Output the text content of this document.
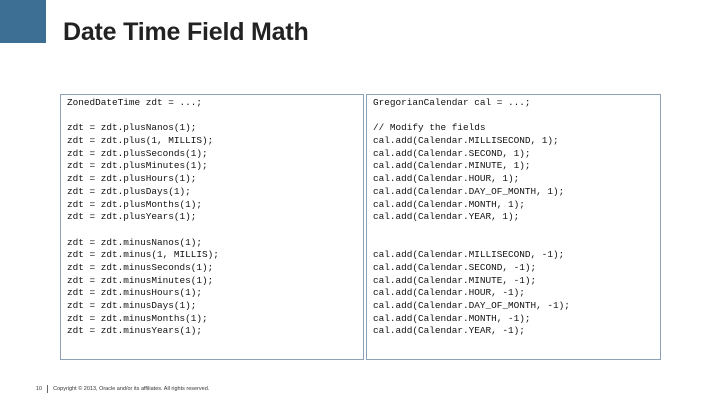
Date Time Field Math
ZonedDateTime zdt = ...;
zdt = zdt.plusNanos(1);
zdt = zdt.plus(1, MILLIS);
zdt = zdt.plusSeconds(1);
zdt = zdt.plusMinutes(1);
zdt = zdt.plusHours(1);
zdt = zdt.plusDays(1);
zdt = zdt.plusMonths(1);
zdt = zdt.plusYears(1);
zdt = zdt.minusNanos(1);
zdt = zdt.minus(1, MILLIS);
zdt = zdt.minusSeconds(1);
zdt = zdt.minusMinutes(1);
zdt = zdt.minusHours(1);
zdt = zdt.minusDays(1);
zdt = zdt.minusMonths(1);
zdt = zdt.minusYears(1);
GregorianCalendar cal = ...;
// Modify the fields
cal.add(Calendar.MILLISECOND, 1);
cal.add(Calendar.SECOND, 1);
cal.add(Calendar.MINUTE, 1);
cal.add(Calendar.HOUR, 1);
cal.add(Calendar.DAY_OF_MONTH, 1);
cal.add(Calendar.MONTH, 1);
cal.add(Calendar.YEAR, 1);
cal.add(Calendar.MILLISECOND, -1);
cal.add(Calendar.SECOND, -1);
cal.add(Calendar.MINUTE, -1);
cal.add(Calendar.HOUR, -1);
cal.add(Calendar.DAY_OF_MONTH, -1);
cal.add(Calendar.MONTH, -1);
cal.add(Calendar.YEAR, -1);
10 Copyright © 2013, Oracle and/or its affiliates. All rights reserved.
